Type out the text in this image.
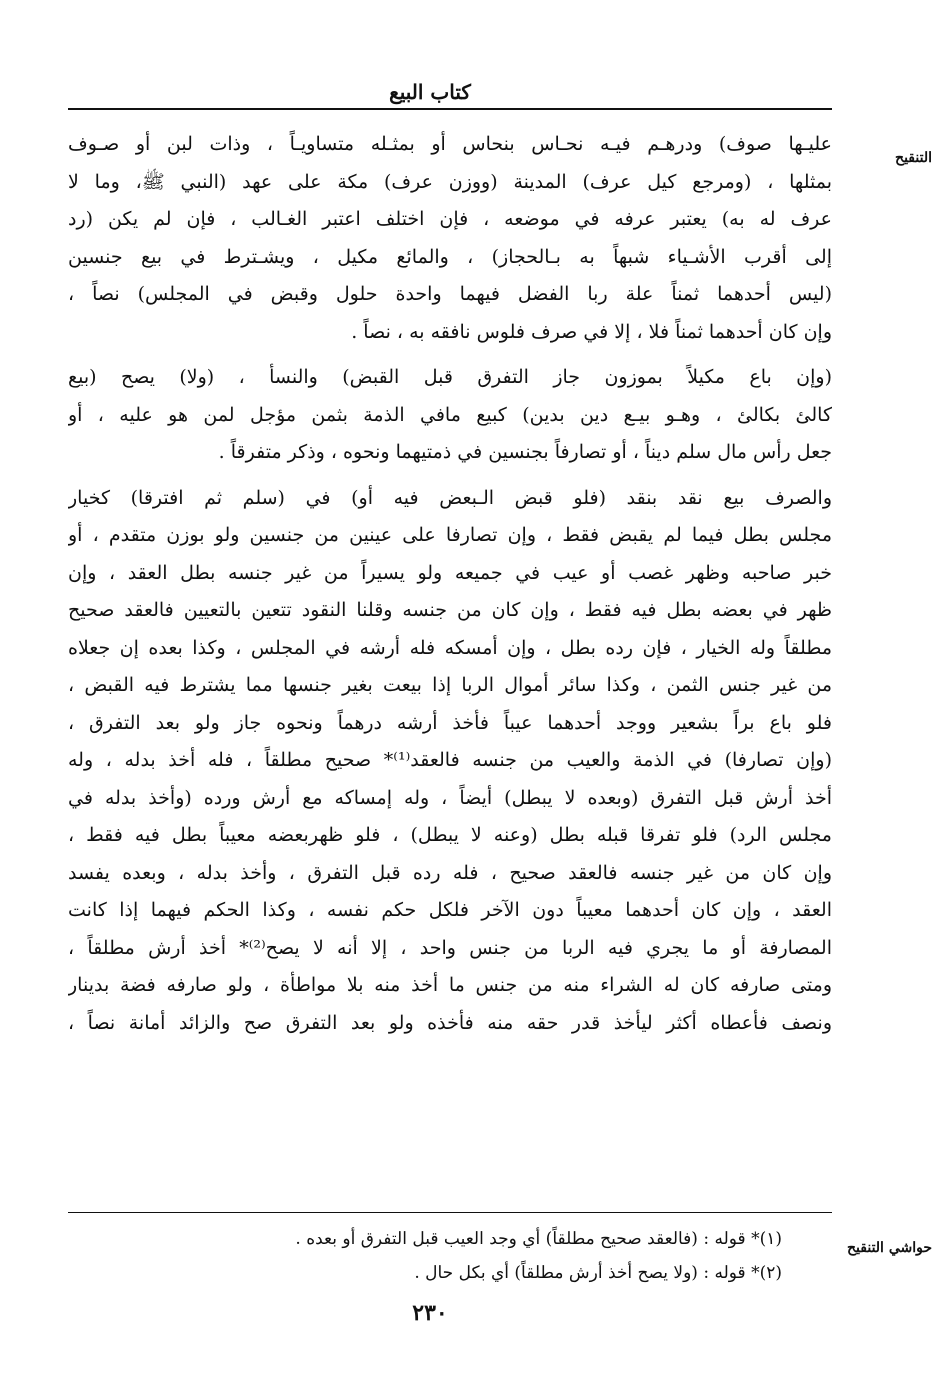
كتاب البيع
التنقيح
عليـها صوف) ودرهـم فيـه نحـاس بنحاس أو بمثـله متساويـاً ، وذات لبن أو صـوف
بمثلها ، (ومرجع كيل عرف) المدينة (ووزن عرف) مكة على عهد (النبي ﷺ، وما لا
عرف له به) يعتبر عرفه في موضعه ، فإن اختلف اعتبر الغـالب ، فإن لم يكن (رد
إلى أقرب الأشـياء شبهاً به بـالحجاز) ، والمائع مكيل ، ويشـترط في بيع جنسين
(ليس أحدهما ثمناً علة ربا الفضل فيهما واحدة حلول وقبض في المجلس) نصاً ،
وإن كان أحدهما ثمناً فلا ، إلا في صرف فلوس نافقه به ، نصاً .
(وإن باع مكيلاً بموزون جاز التفرق قبل القبض) والنسأ ، (ولا) يصح (بيع
كالئ بكالئ ، وهـو بيـع دين بدين) كبيع مافي الذمة بثمن مؤجل لمن هو عليه ، أو
جعل رأس مال سلم ديناً ، أو تصارفاً بجنسين في ذمتيهما ونحوه ، وذكر متفرقاً .
والصرف بيع نقد بنقد (فلو قبض الـبعض فيه أو) في (سلم ثم افترقا) كخيار
مجلس بطل فيما لم يقبض فقط ، وإن تصارفا على عينين من جنسين ولو بوزن متقدم ، أو
خبر صاحبه وظهر غصب أو عيب في جميعه ولو يسيراً من غير جنسه بطل العقد ، وإن
ظهر في بعضه بطل فيه فقط ، وإن كان من جنسه وقلنا النقود تتعين بالتعيين فالعقد صحيح
مطلقاً وله الخيار ، فإن رده بطل ، وإن أمسكه فله أرشه في المجلس ، وكذا بعده إن جعلاه
من غير جنس الثمن ، وكذا سائر أموال الربا إذا بيعت بغير جنسها مما يشترط فيه القبض ،
فلو باع براً بشعير ووجد أحدهما عيباً فأخذ أرشه درهماً ونحوه جاز ولو بعد التفرق ،
(وإن تصارفا) في الذمة والعيب من جنسه فالعقد⁽¹⁾* صحيح مطلقاً ، فله أخذ بدله ، وله
أخذ أرش قبل التفرق (وبعده لا يبطل) أيضاً ، وله إمساكه مع أرش ورده (وأخذ بدله في
مجلس الرد) فلو تفرقا قبله بطل (وعنه لا يبطل) ، فلو ظهربعضه معيباً بطل فيه فقط ،
وإن كان من غير جنسه فالعقد صحيح ، فله رده قبل التفرق ، وأخذ بدله ، وبعده يفسد
العقد ، وإن كان أحدهما معيباً دون الآخر فلكل حكم نفسه ، وكذا الحكم فيهما إذا كانت
المصارفة أو ما يجري فيه الربا من جنس واحد ، إلا أنه لا يصح⁽²⁾* أخذ أرش مطلقاً ،
ومتى صارفه كان له الشراء منه من جنس ما أخذ منه بلا مواطأة ، ولو صارفه فضة بدينار
ونصف فأعطاه أكثر ليأخذ قدر حقه منه فأخذه ولو بعد التفرق صح والزائد أمانة نصاً ،
حواشي التنقيح
(١)* قوله : (فالعقد صحيح مطلقاً) أي وجد العيب قبل التفرق أو بعده .
(٢)* قوله : (ولا يصح أخذ أرش مطلقاً) أي بكل حال .
٢٣٠
